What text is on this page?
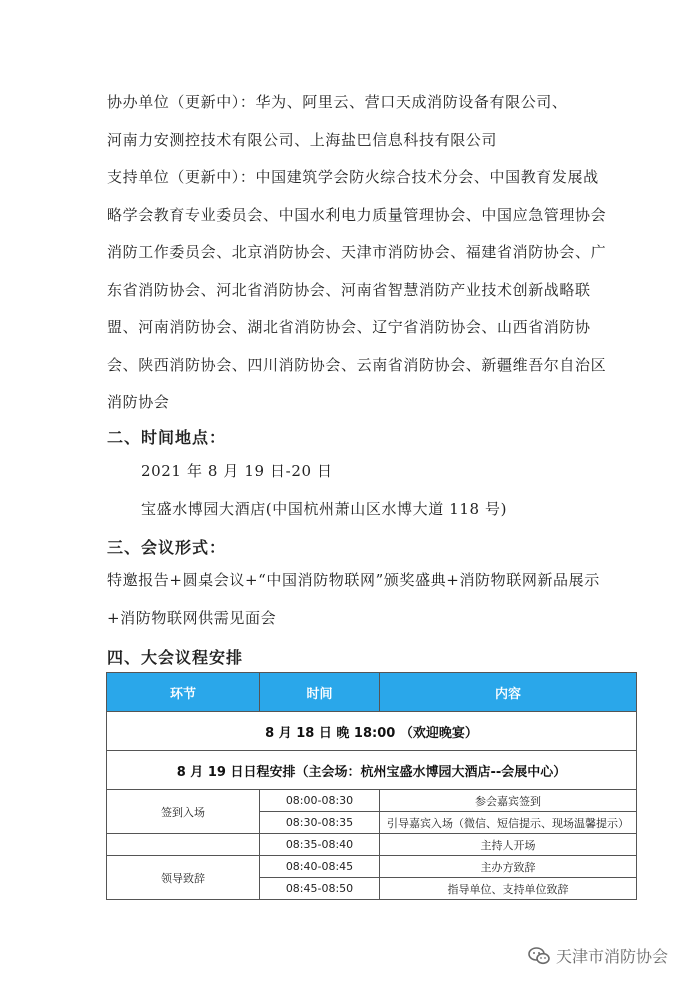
协办单位（更新中）：华为、阿里云、营口天成消防设备有限公司、
河南力安测控技术有限公司、上海盐巴信息科技有限公司
支持单位（更新中）：中国建筑学会防火综合技术分会、中国教育发展战略学会教育专业委员会、中国水利电力质量管理协会、中国应急管理协会消防工作委员会、北京消防协会、天津市消防协会、福建省消防协会、广东省消防协会、河北省消防协会、河南省智慧消防产业技术创新战略联盟、河南消防协会、湖北省消防协会、辽宁省消防协会、山西省消防协会、陕西消防协会、四川消防协会、云南省消防协会、新疆维吾尔自治区消防协会
二、时间地点：
2021 年 8 月 19 日-20 日
宝盛水博园大酒店(中国杭州萧山区水博大道 118 号)
三、会议形式：
特邀报告+圆桌会议+“中国消防物联网”颁奖盛典+消防物联网新品展示+消防物联网供需见面会
四、大会议程安排
环节	时间	内容
8 月 18 日 晚 18:00 （欢迎晚宴）		
8 月 19 日日程安排（主会场：杭州宝盛水博园大酒店--会展中心）		
签到入场	08:00-08:30	参会嘉宾签到
	08:30-08:35	引导嘉宾入场（微信、短信提示、现场温馨提示）
	08:35-08:40	主持人开场
领导致辞	08:40-08:45	主办方致辞
	08:45-08:50	指导单位、支持单位致辞
天津市消防协会
